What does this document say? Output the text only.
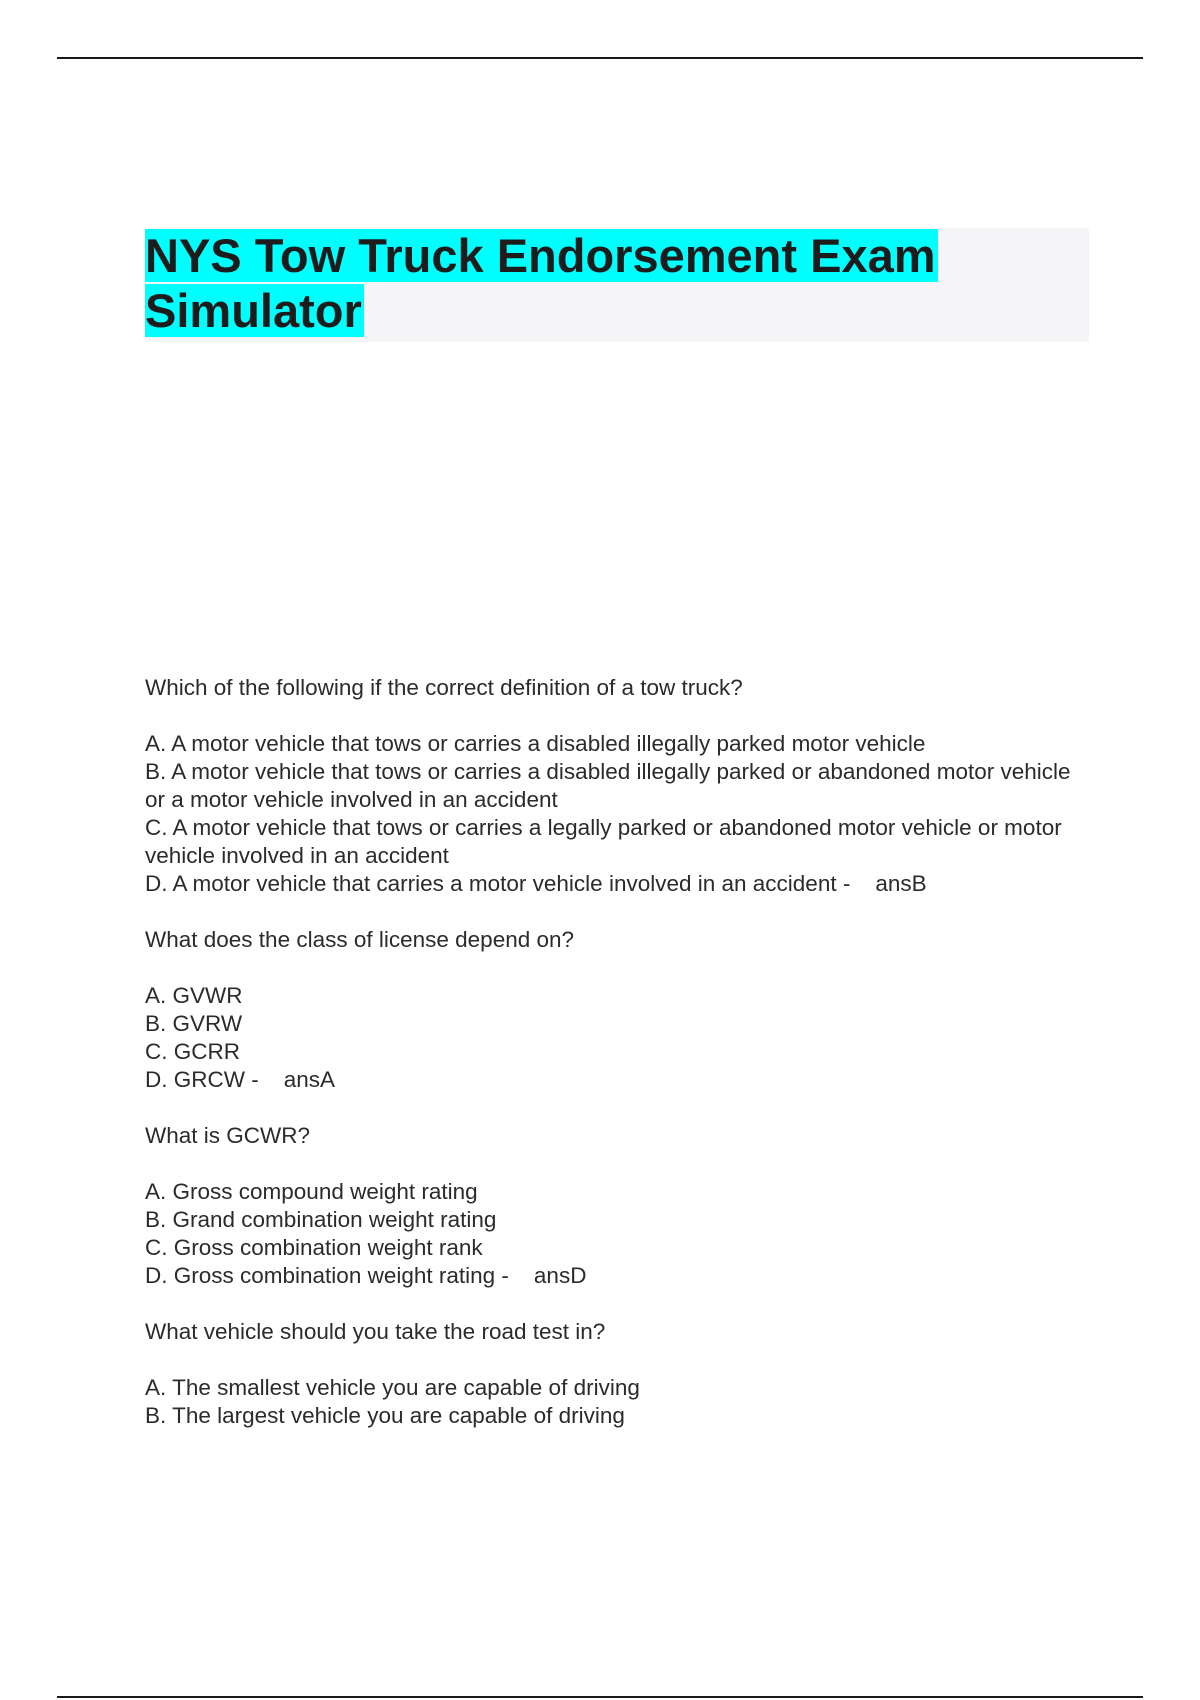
NYS Tow Truck Endorsement Exam
Simulator
Which of the following if the correct definition of a tow truck?
A. A motor vehicle that tows or carries a disabled illegally parked motor vehicle
B. A motor vehicle that tows or carries a disabled illegally parked or abandoned motor vehicle or a motor vehicle involved in an accident
C. A motor vehicle that tows or carries a legally parked or abandoned motor vehicle or motor vehicle involved in an accident
D. A motor vehicle that carries a motor vehicle involved in an accident - ansB
What does the class of license depend on?
A. GVWR
B. GVRW
C. GCRR
D. GRCW - ansA
What is GCWR?
A. Gross compound weight rating
B. Grand combination weight rating
C. Gross combination weight rank
D. Gross combination weight rating - ansD
What vehicle should you take the road test in?
A. The smallest vehicle you are capable of driving
B. The largest vehicle you are capable of driving
